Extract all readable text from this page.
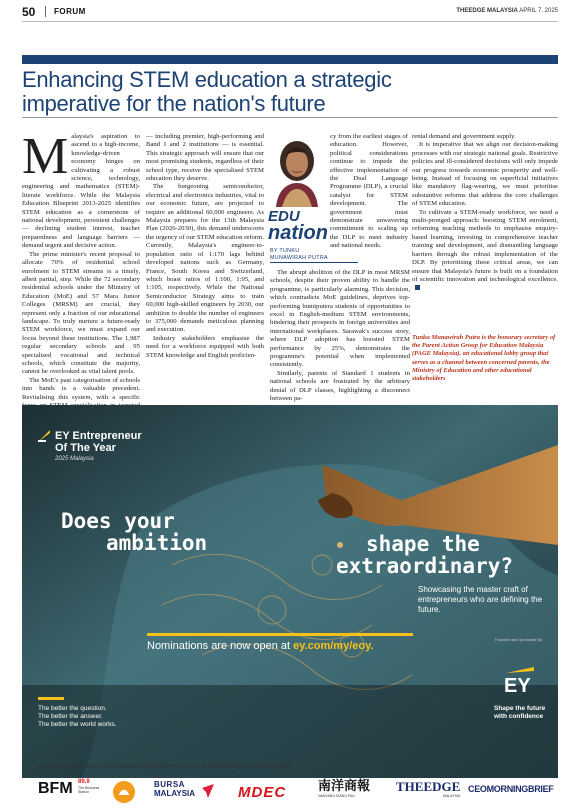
50 FORUM	THEEDGE MALAYSIA APRIL 7, 2025
Enhancing STEM education a strategic imperative for the nation's future

Malaysia's aspiration to ascend to a high-income, knowledge-driven economy hinges on cultivating a robust science, technology, engineering and mathematics (STEM)-literate workforce. While the Malaysia Education Blueprint 2013-2025 identifies STEM education as a cornerstone of national development, persistent challenges — declining student interest, teacher preparedness and language barriers — demand urgent and decisive action.

The prime minister's recent proposal to allocate 70% of residential school enrolment to STEM streams is a timely, albeit partial, step. While the 72 secondary residential schools under the Ministry of Education (MoE) and 57 Mara Junior Colleges (MRSM) are crucial, they represent only a fraction of our educational landscape. To truly nurture a future-ready STEM workforce, we must expand our focus beyond these institutions. The 1,987 regular secondary schools and 95 specialised vocational and technical schools, which constitute the majority, cannot be overlooked as vital talent pools.

The MoE's past categorisation of schools into bands is a valuable precedent. Revitalising this system, with a specific

— including premier, high-performing and Band 1 and 2 institutions — is essential. This strategic approach will ensure that our most promising students, regardless of their school type, receive the specialised STEM education they deserve.

The burgeoning semiconductor, electrical and electronics industries, vital to our economic future, are projected to require an additional 60,000 engineers. As Malaysia prepares for the 13th Malaysia Plan (2026-2030), this demand underscores the urgency of our STEM education reform. Currently, Malaysia's engineer-to-population ratio of 1:170 lags behind developed nations such as Germany, France, South Korea and Switzerland, which boast ratios of 1:100, 1:95, and 1:105, respectively. While the National Semiconductor Strategy aims to train 60,000 high-skilled engineers by 2030, our ambition to double the number of engineers to 375,000 demands meticulous planning and execution.

Industry stakeholders emphasise the need for a workforce equipped with both STEM knowledge and English proficien-

EDU
nation
BY TUNKU
MUNAWIRAH PUTRA

cy from the earliest stages of education. However, political considerations continue to impede the effective implementation of the Dual Language Programme (DLP), a crucial catalyst for STEM development. The government must demonstrate unwavering commitment to scaling up the DLP to meet industry and national needs.

The abrupt abolition of the DLP in most MRSM schools, despite their proven ability to handle the programme, is particularly alarming. This decision, which contradicts MoE guidelines, deprives top-performing bumiputera students of opportunities to excel in English-medium STEM environments, hindering their prospects in foreign universities and international workplaces. Sarawak's success story, where DLP adoption has boosted STEM performance by 25%, demonstrates the programme's potential when implemented consistently.

Similarly, parents of Standard 1 students in national schools are frustrated by the arbitrary denial of DLP classes, highlighting a disconnect between pa-

rental demand and government supply.

It is imperative that we align our decision-making processes with our strategic national goals. Restrictive policies and ill-considered decisions will only impede our progress towards economic prosperity and well-being. Instead of focusing on superficial initiatives like mandatory flag-wearing, we must prioritise substantive reforms that address the core challenges of STEM education.

To cultivate a STEM-ready workforce, we need a multi-pronged approach: boosting STEM enrolment, reforming teaching methods to emphasise enquiry-based learning, investing in comprehensive teacher training and development, and dismantling language barriers through the robust implementation of the DLP. By prioritising these critical areas, we can ensure that Malaysia's future is built on a foundation of scientific innovation and technological excellence.

Tunku Munawirah Putra is the honorary secretary of the Parent Action Group for Education Malaysia (PAGE Malaysia), an educational lobby group that serves as a channel between concerned parents, the Ministry of Education and other educational stakeholders
EY Entrepreneur
Of The Year
2025 Malaysia
Does your
ambition	shape the
extraordinary?
Showcasing the master craft of entrepreneurs who are defining the future.
Nominations are now open at ey.com/my/eoy.
Founded and produced by
EY
Shape the future with confidence
The better the question.
The better the answer.
The better the world works.
We are proud to have the following organizations join us in celebrating entrepreneurship.
BFM 89.9
The Business Station
BURSA
MALAYSIA	MDEC 南洋商報
NANYANG SIANG PAU
THEEDGE
MALAYSIA
CEOMORNINGBRIEF
